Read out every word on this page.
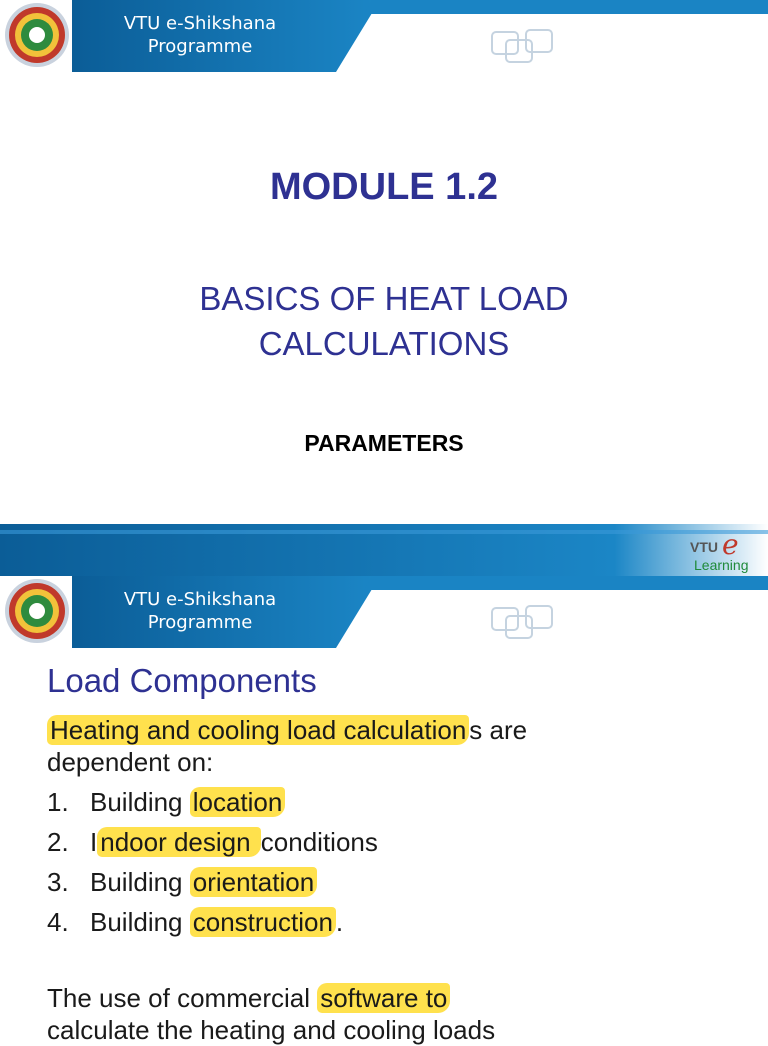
VTU e-Shikshana
Programme
MODULE 1.2
BASICS OF HEAT LOAD
CALCULATIONS
PARAMETERS
VTU e
Learning
VTU e-Shikshana
Programme
Load Components
Heating and cooling load calculation s are
dependent on:
1. Building location
2. I ndoor design conditions
3. Building orientation
4. Building construction .
The use of commercial software to
calculate the heating and cooling loads
